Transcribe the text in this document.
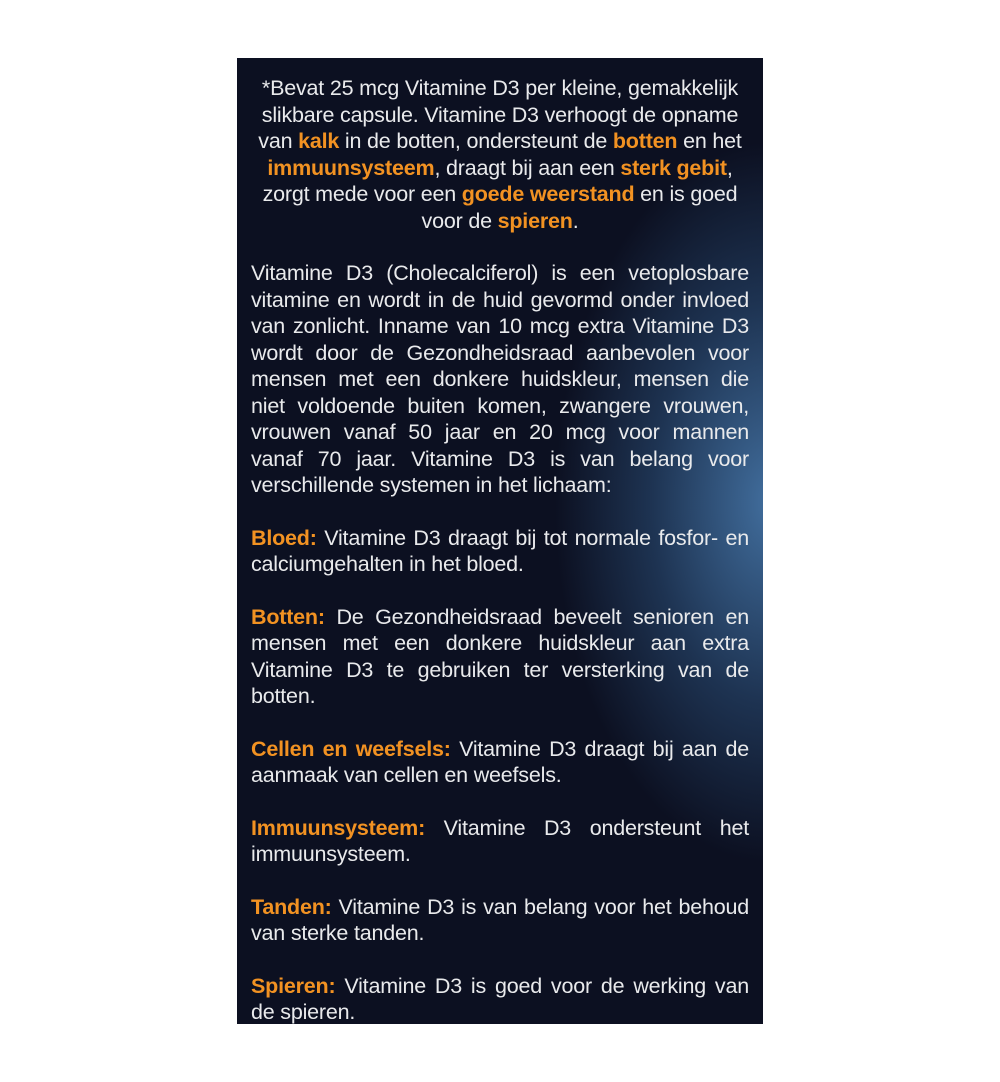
*Bevat 25 mcg Vitamine D3 per kleine, gemakkelijk slikbare capsule. Vitamine D3 verhoogt de opname van kalk in de botten, ondersteunt de botten en het immuunsysteem, draagt bij aan een sterk gebit, zorgt mede voor een goede weerstand en is goed voor de spieren.

Vitamine D3 (Cholecalciferol) is een vetoplosbare vitamine en wordt in de huid gevormd onder invloed van zonlicht. Inname van 10 mcg extra Vitamine D3 wordt door de Gezondheidsraad aanbevolen voor mensen met een donkere huidskleur, mensen die niet voldoende buiten komen, zwangere vrouwen, vrouwen vanaf 50 jaar en 20 mcg voor mannen vanaf 70 jaar. Vitamine D3 is van belang voor verschillende systemen in het lichaam:

Bloed: Vitamine D3 draagt bij tot normale fosfor- en calciumgehalten in het bloed.

Botten: De Gezondheidsraad beveelt senioren en mensen met een donkere huidskleur aan extra Vitamine D3 te gebruiken ter versterking van de botten.

Cellen en weefsels: Vitamine D3 draagt bij aan de aanmaak van cellen en weefsels.

Immuunsysteem: Vitamine D3 ondersteunt het immuunsysteem.

Tanden: Vitamine D3 is van belang voor het behoud van sterke tanden.

Spieren: Vitamine D3 is goed voor de werking van de spieren.
